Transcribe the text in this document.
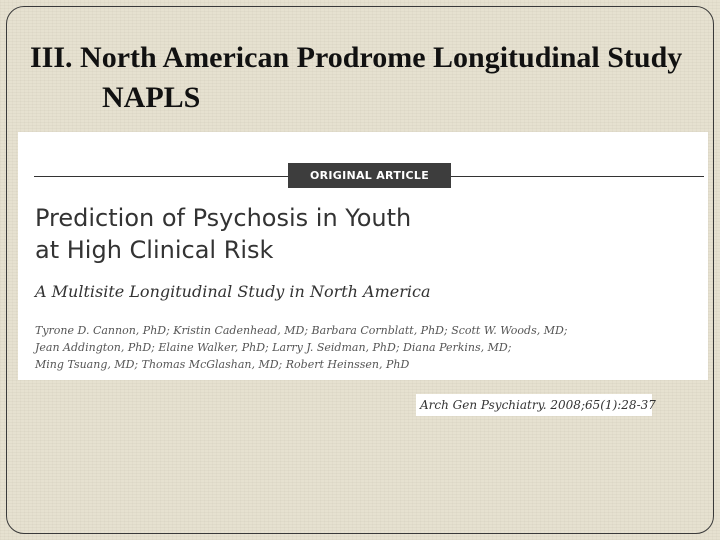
III. North American Prodrome Longitudinal Study
NAPLS
ORIGINAL ARTICLE
Prediction of Psychosis in Youth
at High Clinical Risk
A Multisite Longitudinal Study in North America
Tyrone D. Cannon, PhD; Kristin Cadenhead, MD; Barbara Cornblatt, PhD; Scott W. Woods, MD;
Jean Addington, PhD; Elaine Walker, PhD; Larry J. Seidman, PhD; Diana Perkins, MD;
Ming Tsuang, MD; Thomas McGlashan, MD; Robert Heinssen, PhD
Arch Gen Psychiatry. 2008;65(1):28-37
